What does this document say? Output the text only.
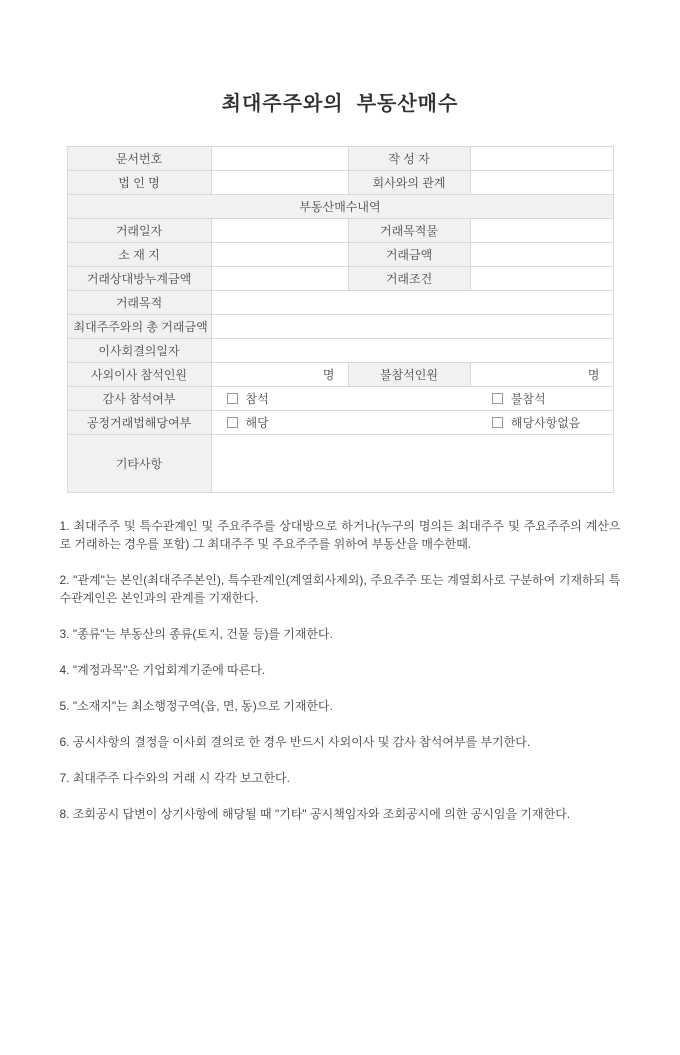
최대주주와의  부동산매수
문서번호		작 성 자	
법 인 명		회사와의 관계	
부동산매수내역			
거래일자		거래목적물	
소 재 지		거래금액	
거래상대방누계금액		거래조건	
거래목적			
최대주주와의 총 거래금액			
이사회결의일자			
사외이사 참석인원	명	불참석인원	명
감사 참석여부	참석 불참석		
공정거래법해당여부	해당 해당사항없음		
기타사항			

1. 최대주주 및 특수관계인 및 주요주주를 상대방으로 하거나(누구의 명의든 최대주주 및 주요주주의 계산으로 거래하는 경우를 포함) 그 최대주주 및 주요주주를 위하여 부동산을 매수한때.

2. "관계"는 본인(최대주주본인), 특수관계인(계열회사제외), 주요주주 또는 계열회사로 구분하여 기재하되 특수관계인은 본인과의 관계를 기재한다.

3. "종류"는 부동산의 종류(토지, 건물 등)를 기재한다.

4. "계정과목"은 기업회계기준에 따른다.

5. "소재지"는 최소행정구역(읍, 면, 동)으로 기재한다.

6. 공시사항의 결정을 이사회 결의로 한 경우 반드시 사외이사 및 감사 참석여부를 부기한다.

7. 최대주주 다수와의 거래 시 각각 보고한다.

8. 조회공시 답변이 상기사항에 해당될 때 "기타" 공시책임자와 조회공시에 의한 공시임을 기재한다.
